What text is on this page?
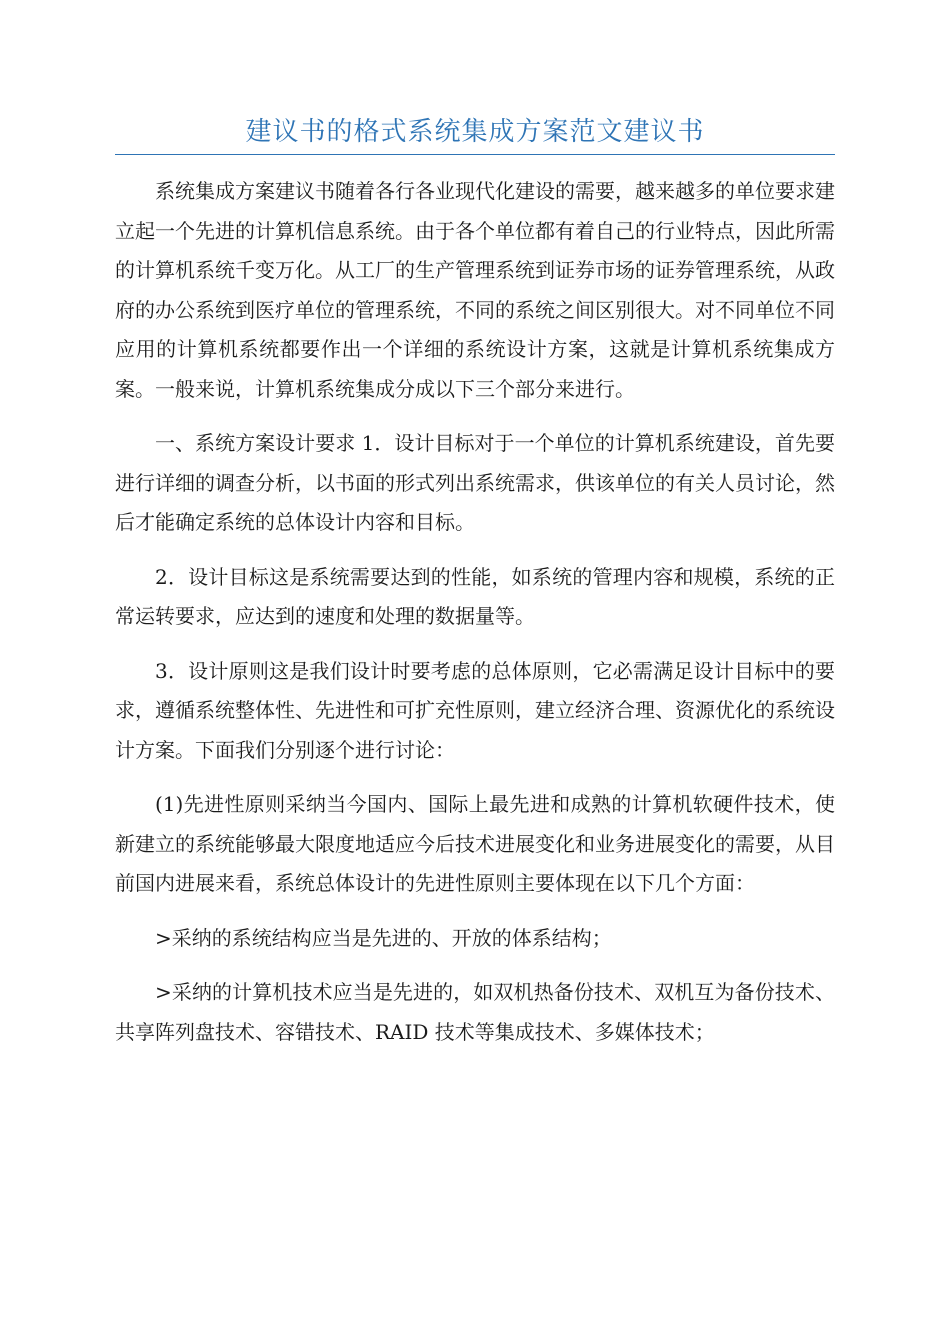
建议书的格式系统集成方案范文建议书

系统集成方案建议书随着各行各业现代化建设的需要，越来越多的单位要求建立起一个先进的计算机信息系统。由于各个单位都有着自己的行业特点，因此所需的计算机系统千变万化。从工厂的生产管理系统到证券市场的证券管理系统，从政府的办公系统到医疗单位的管理系统，不同的系统之间区别很大。对不同单位不同应用的计算机系统都要作出一个详细的系统设计方案，这就是计算机系统集成方案。一般来说，计算机系统集成分成以下三个部分来进行。

一、系统方案设计要求 1．设计目标对于一个单位的计算机系统建设，首先要进行详细的调查分析，以书面的形式列出系统需求，供该单位的有关人员讨论，然后才能确定系统的总体设计内容和目标。

2．设计目标这是系统需要达到的性能，如系统的管理内容和规模，系统的正常运转要求，应达到的速度和处理的数据量等。

3．设计原则这是我们设计时要考虑的总体原则，它必需满足设计目标中的要求，遵循系统整体性、先进性和可扩充性原则，建立经济合理、资源优化的系统设计方案。下面我们分别逐个进行讨论：

(1)先进性原则采纳当今国内、国际上最先进和成熟的计算机软硬件技术，使新建立的系统能够最大限度地适应今后技术进展变化和业务进展变化的需要，从目前国内进展来看，系统总体设计的先进性原则主要体现在以下几个方面：

>采纳的系统结构应当是先进的、开放的体系结构；

>采纳的计算机技术应当是先进的，如双机热备份技术、双机互为备份技术、共享阵列盘技术、容错技术、RAID 技术等集成技术、多媒体技术；
